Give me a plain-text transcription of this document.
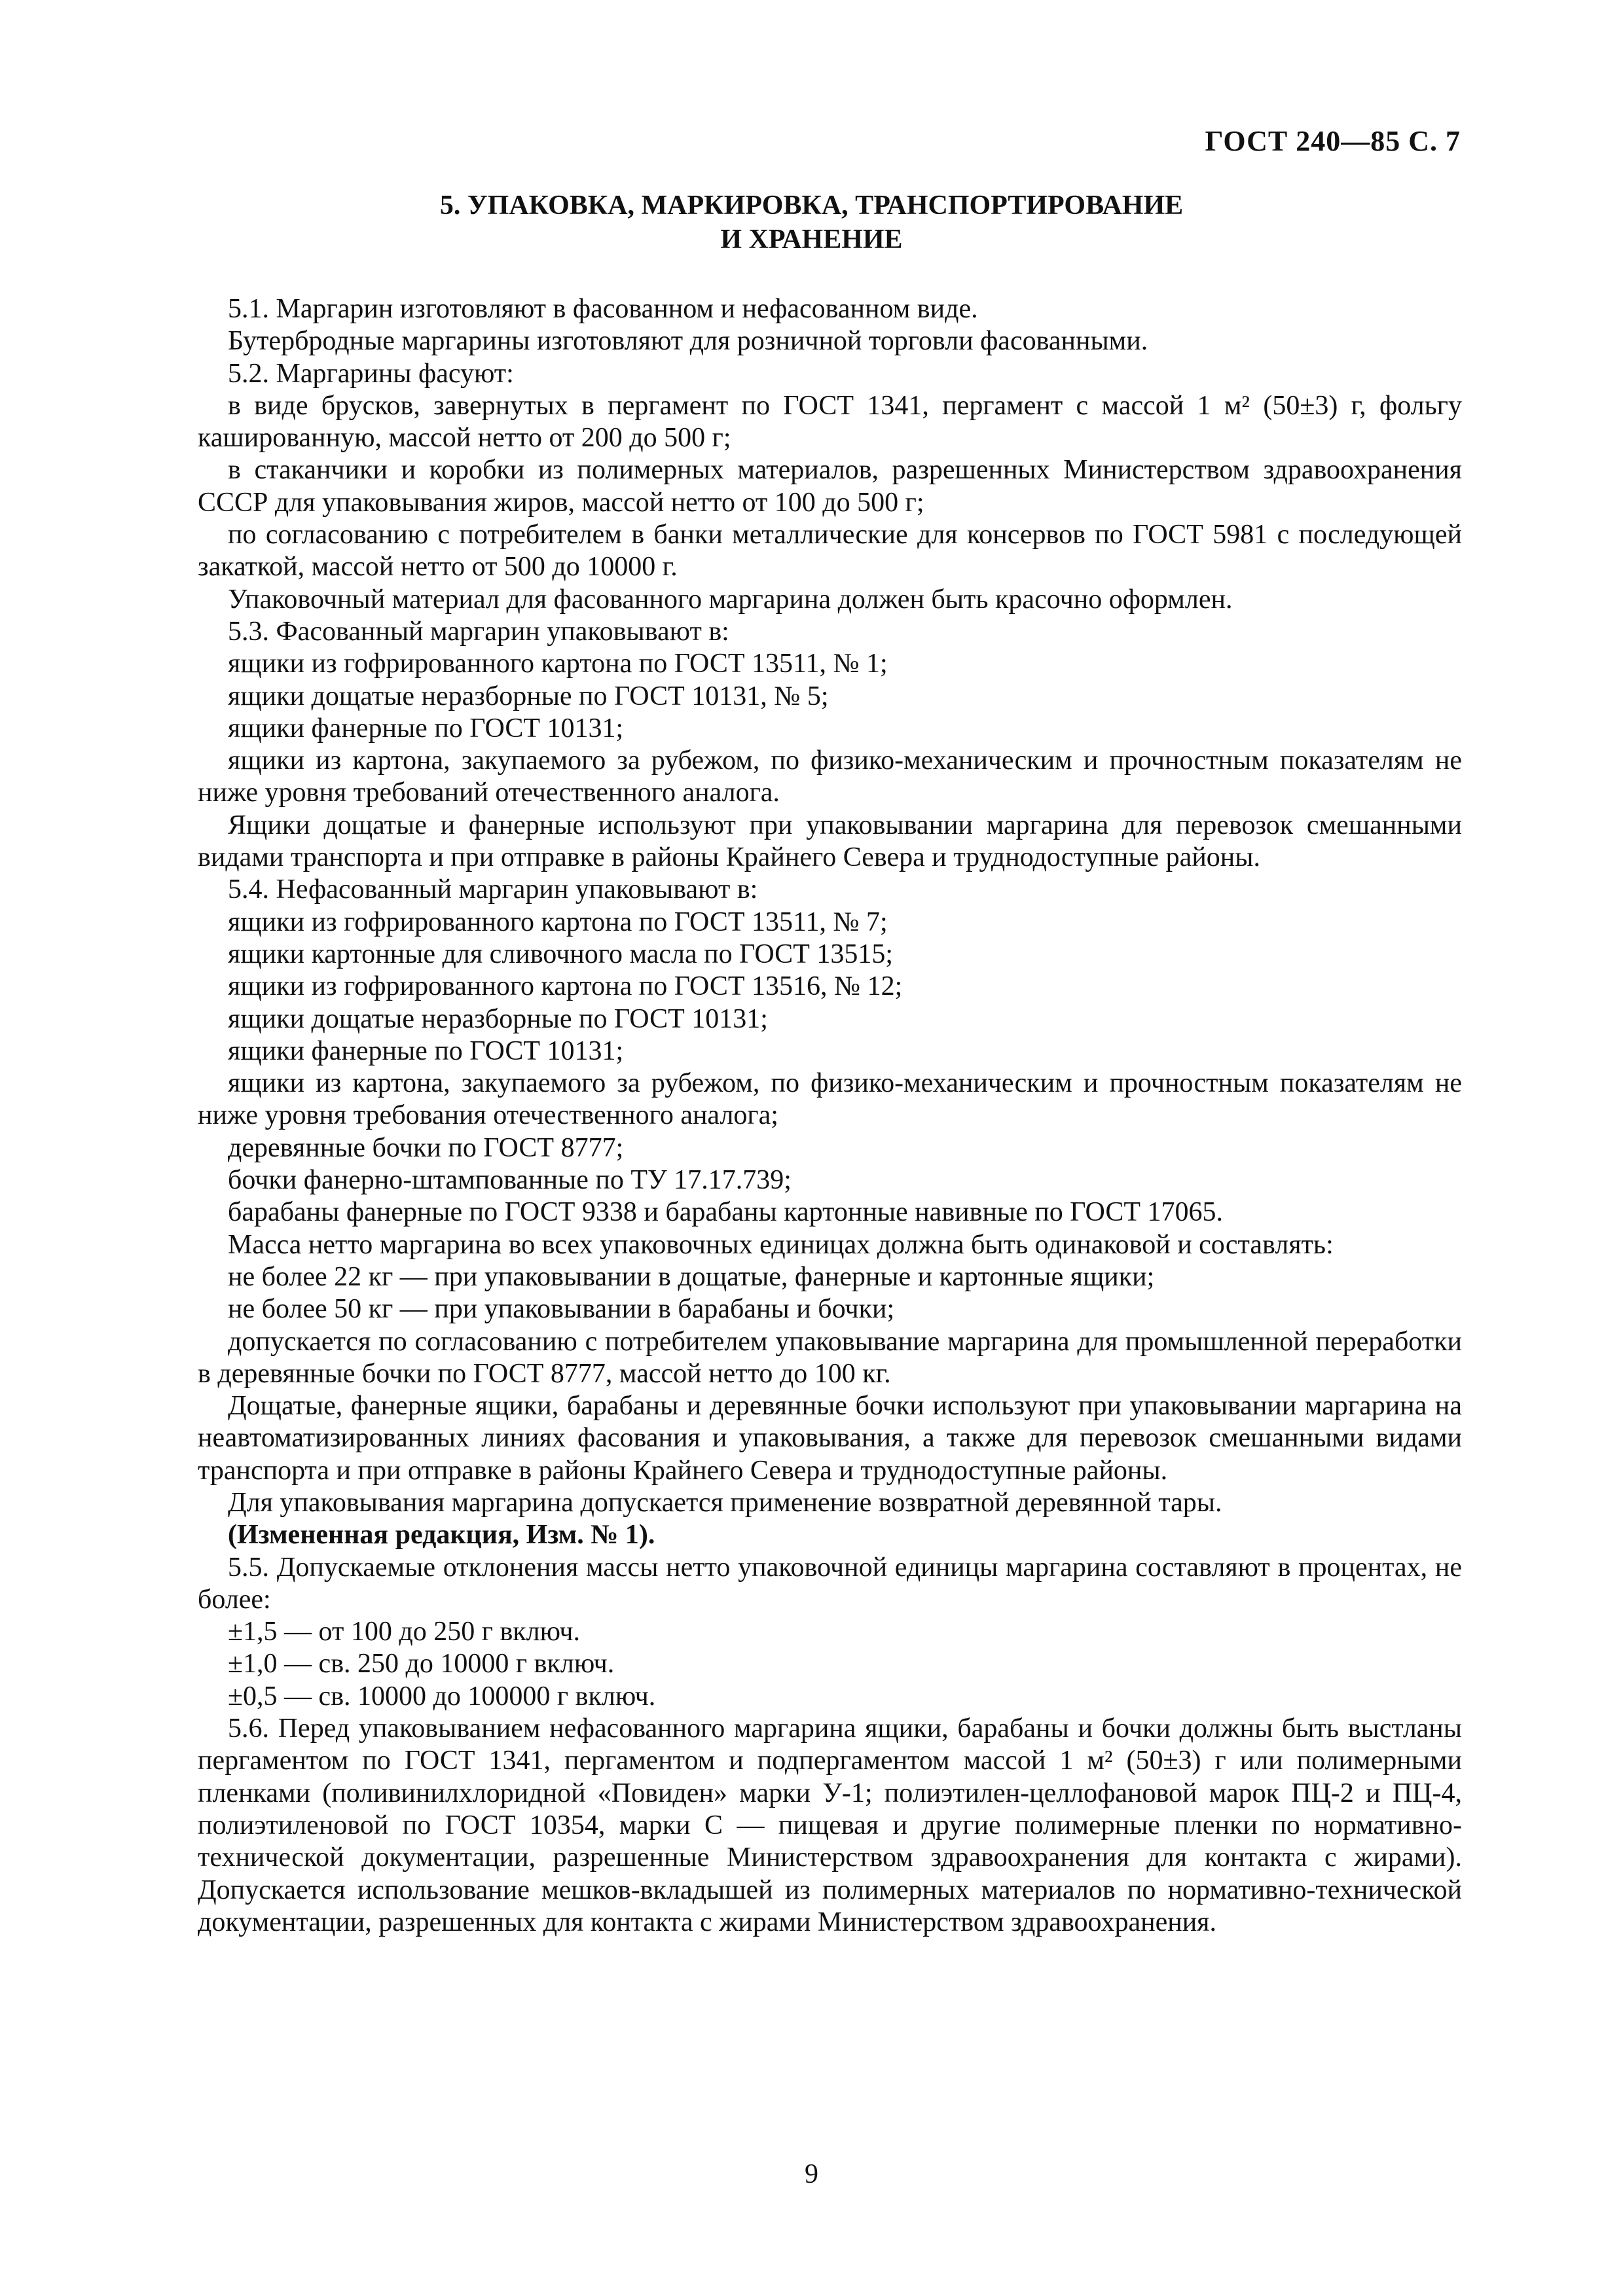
ГОСТ 240—85 С. 7
5. УПАКОВКА, МАРКИРОВКА, ТРАНСПОРТИРОВАНИЕ
И ХРАНЕНИЕ

5.1. Маргарин изготовляют в фасованном и нефасованном виде.

Бутербродные маргарины изготовляют для розничной торговли фасованными.

5.2. Маргарины фасуют:

в виде брусков, завернутых в пергамент по ГОСТ 1341, пергамент с массой 1 м² (50±3) г, фольгу кашированную, массой нетто от 200 до 500 г;

в стаканчики и коробки из полимерных материалов, разрешенных Министерством здравоохранения СССР для упаковывания жиров, массой нетто от 100 до 500 г;

по согласованию с потребителем в банки металлические для консервов по ГОСТ 5981 с последующей закаткой, массой нетто от 500 до 10000 г.

Упаковочный материал для фасованного маргарина должен быть красочно оформлен.

5.3. Фасованный маргарин упаковывают в:

ящики из гофрированного картона по ГОСТ 13511, № 1;

ящики дощатые неразборные по ГОСТ 10131, № 5;

ящики фанерные по ГОСТ 10131;

ящики из картона, закупаемого за рубежом, по физико-механическим и прочностным показателям не ниже уровня требований отечественного аналога.

Ящики дощатые и фанерные используют при упаковывании маргарина для перевозок смешанными видами транспорта и при отправке в районы Крайнего Севера и труднодоступные районы.

5.4. Нефасованный маргарин упаковывают в:

ящики из гофрированного картона по ГОСТ 13511, № 7;

ящики картонные для сливочного масла по ГОСТ 13515;

ящики из гофрированного картона по ГОСТ 13516, № 12;

ящики дощатые неразборные по ГОСТ 10131;

ящики фанерные по ГОСТ 10131;

ящики из картона, закупаемого за рубежом, по физико-механическим и прочностным показателям не ниже уровня требования отечественного аналога;

деревянные бочки по ГОСТ 8777;

бочки фанерно-штампованные по ТУ 17.17.739;

барабаны фанерные по ГОСТ 9338 и барабаны картонные навивные по ГОСТ 17065.

Масса нетто маргарина во всех упаковочных единицах должна быть одинаковой и составлять:

не более 22 кг — при упаковывании в дощатые, фанерные и картонные ящики;

не более 50 кг — при упаковывании в барабаны и бочки;

допускается по согласованию с потребителем упаковывание маргарина для промышленной переработки в деревянные бочки по ГОСТ 8777, массой нетто до 100 кг.

Дощатые, фанерные ящики, барабаны и деревянные бочки используют при упаковывании маргарина на неавтоматизированных линиях фасования и упаковывания, а также для перевозок смешанными видами транспорта и при отправке в районы Крайнего Севера и труднодоступные районы.

Для упаковывания маргарина допускается применение возвратной деревянной тары.

(Измененная редакция, Изм. № 1).

5.5. Допускаемые отклонения массы нетто упаковочной единицы маргарина составляют в процентах, не более:

±1,5 — от 100 до 250 г включ.

±1,0 — св. 250 до 10000 г включ.

±0,5 — св. 10000 до 100000 г включ.

5.6. Перед упаковыванием нефасованного маргарина ящики, барабаны и бочки должны быть выстланы пергаментом по ГОСТ 1341, пергаментом и подпергаментом массой 1 м² (50±3) г или полимерными пленками (поливинилхлоридной «Повиден» марки У-1; полиэтилен-целлофановой марок ПЦ-2 и ПЦ-4, полиэтиленовой по ГОСТ 10354, марки С — пищевая и другие полимерные пленки по нормативно-технической документации, разрешенные Министерством здравоохранения для контакта с жирами). Допускается использование мешков-вкладышей из полимерных материалов по нормативно-технической документации, разрешенных для контакта с жирами Министерством здравоохранения.

9
